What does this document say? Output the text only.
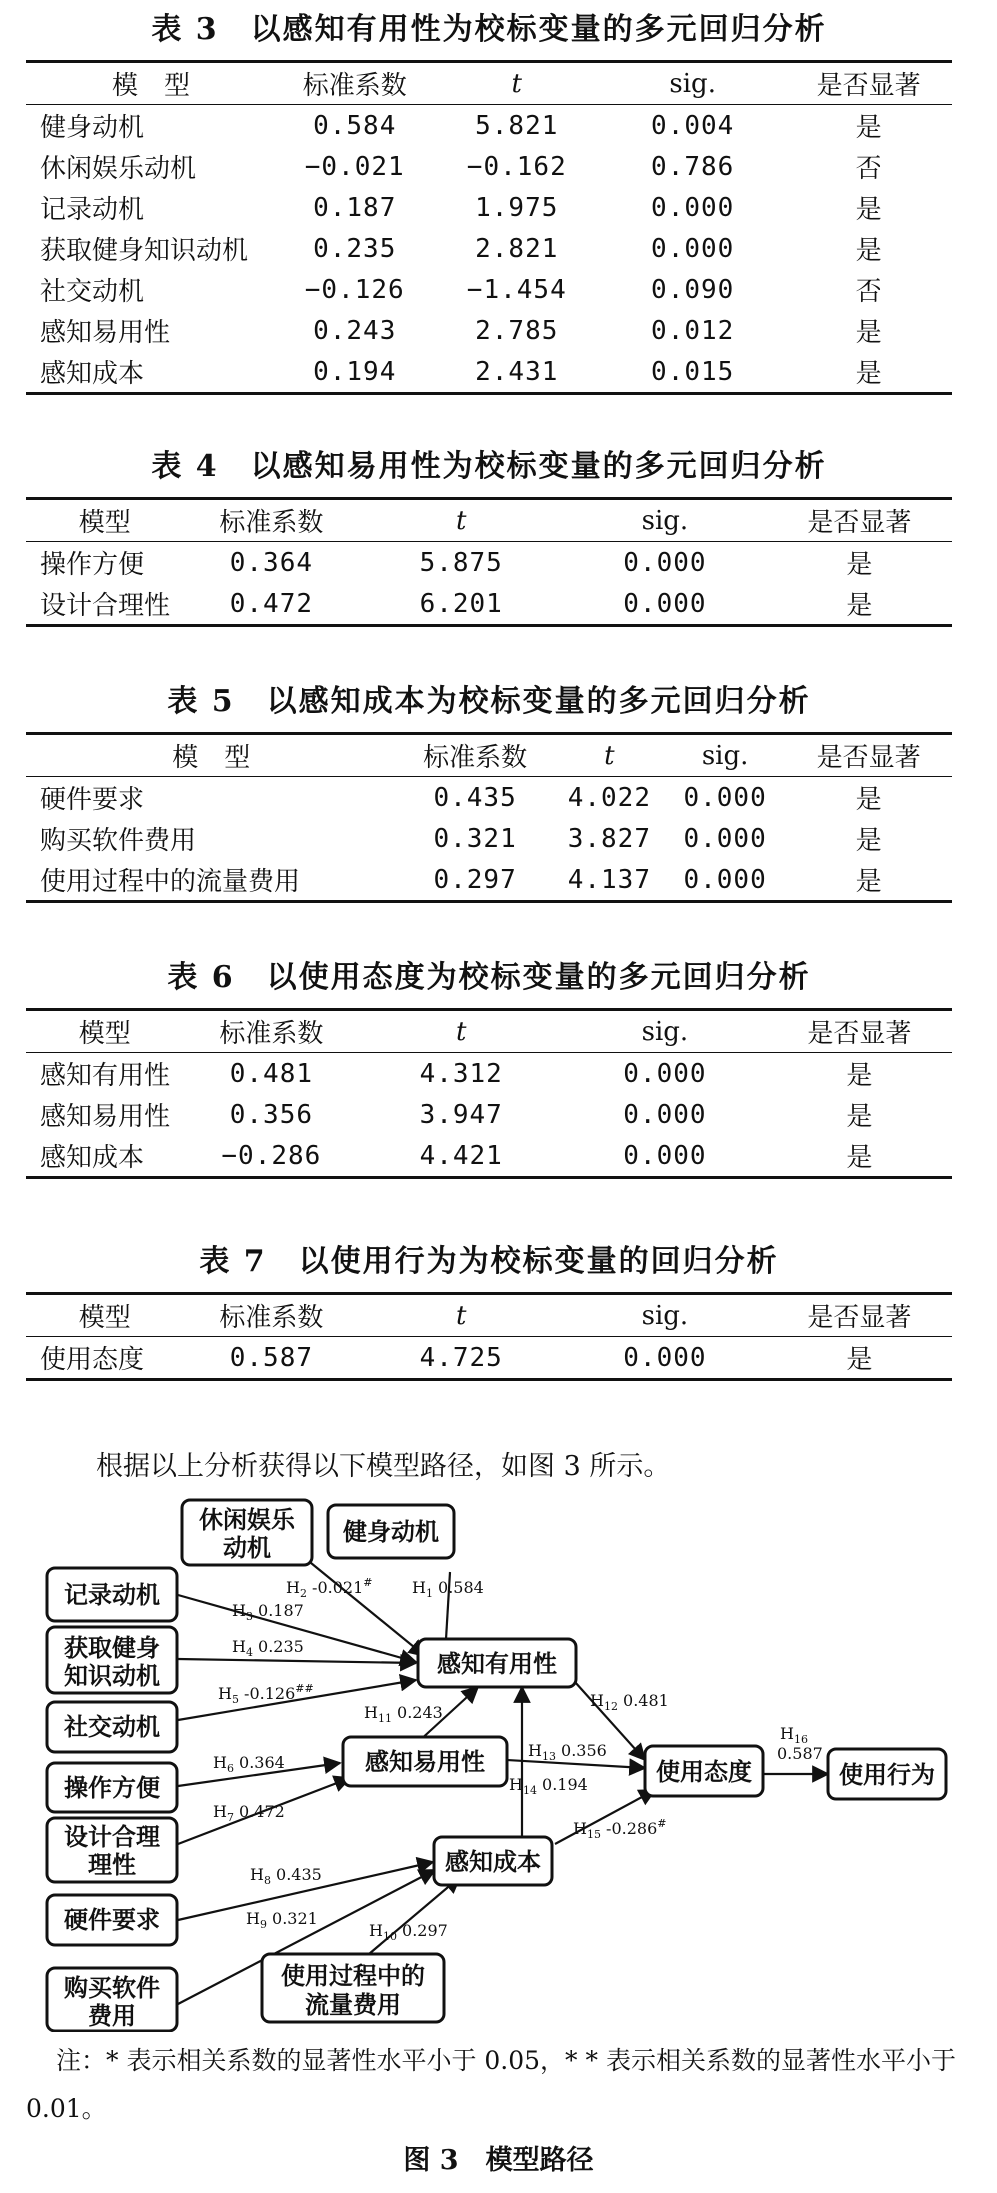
表 3　以感知有用性为校标变量的多元回归分析
模　型	标准系数	t	sig.	是否显著
健身动机	0.584	5.821	0.004	是
休闲娱乐动机	−0.021	−0.162	0.786	否
记录动机	0.187	1.975	0.000	是
获取健身知识动机	0.235	2.821	0.000	是
社交动机	−0.126	−1.454	0.090	否
感知易用性	0.243	2.785	0.012	是
感知成本	0.194	2.431	0.015	是
表 4　以感知易用性为校标变量的多元回归分析
模型	标准系数	t	sig.	是否显著
操作方便	0.364	5.875	0.000	是
设计合理性	0.472	6.201	0.000	是
表 5　以感知成本为校标变量的多元回归分析
模　型	标准系数	t	sig.	是否显著
硬件要求	0.435	4.022	0.000	是
购买软件费用	0.321	3.827	0.000	是
使用过程中的流量费用	0.297	4.137	0.000	是
表 6　以使用态度为校标变量的多元回归分析
模型	标准系数	t	sig.	是否显著
感知有用性	0.481	4.312	0.000	是
感知易用性	0.356	3.947	0.000	是
感知成本	−0.286	4.421	0.000	是
表 7　以使用行为为校标变量的回归分析
模型	标准系数	t	sig.	是否显著
使用态度	0.587	4.725	0.000	是
根据以上分析获得以下模型路径，如图 3 所示。
休闲娱乐动机
健身动机
记录动机
获取健身知识动机
社交动机
感知有用性
感知易用性
操作方便
设计合理理性
硬件要求
购买软件费用
使用过程中的流量费用
感知成本
使用态度	使用行为
$H_1$ 0.584
$H_2$ -0.021#
$H_3$ 0.187
$H_4$ 0.235
$H_5$ -0.126##
$H_6$ 0.364
$H_7$ 0.472
$H_8$ 0.435
$H_9$ 0.321
$H_{10}$ 0.297
$H_{11}$ 0.243
$H_{12}$ 0.481
$H_{13}$ 0.356
$H_{14}$ 0.194
$H_{15}$ -0.286#
$H_{16}$
0.587
注：* 表示相关系数的显著性水平小于 0.05，* * 表示相关系数的显著性水平小于 0.01。
图 3　模型路径
